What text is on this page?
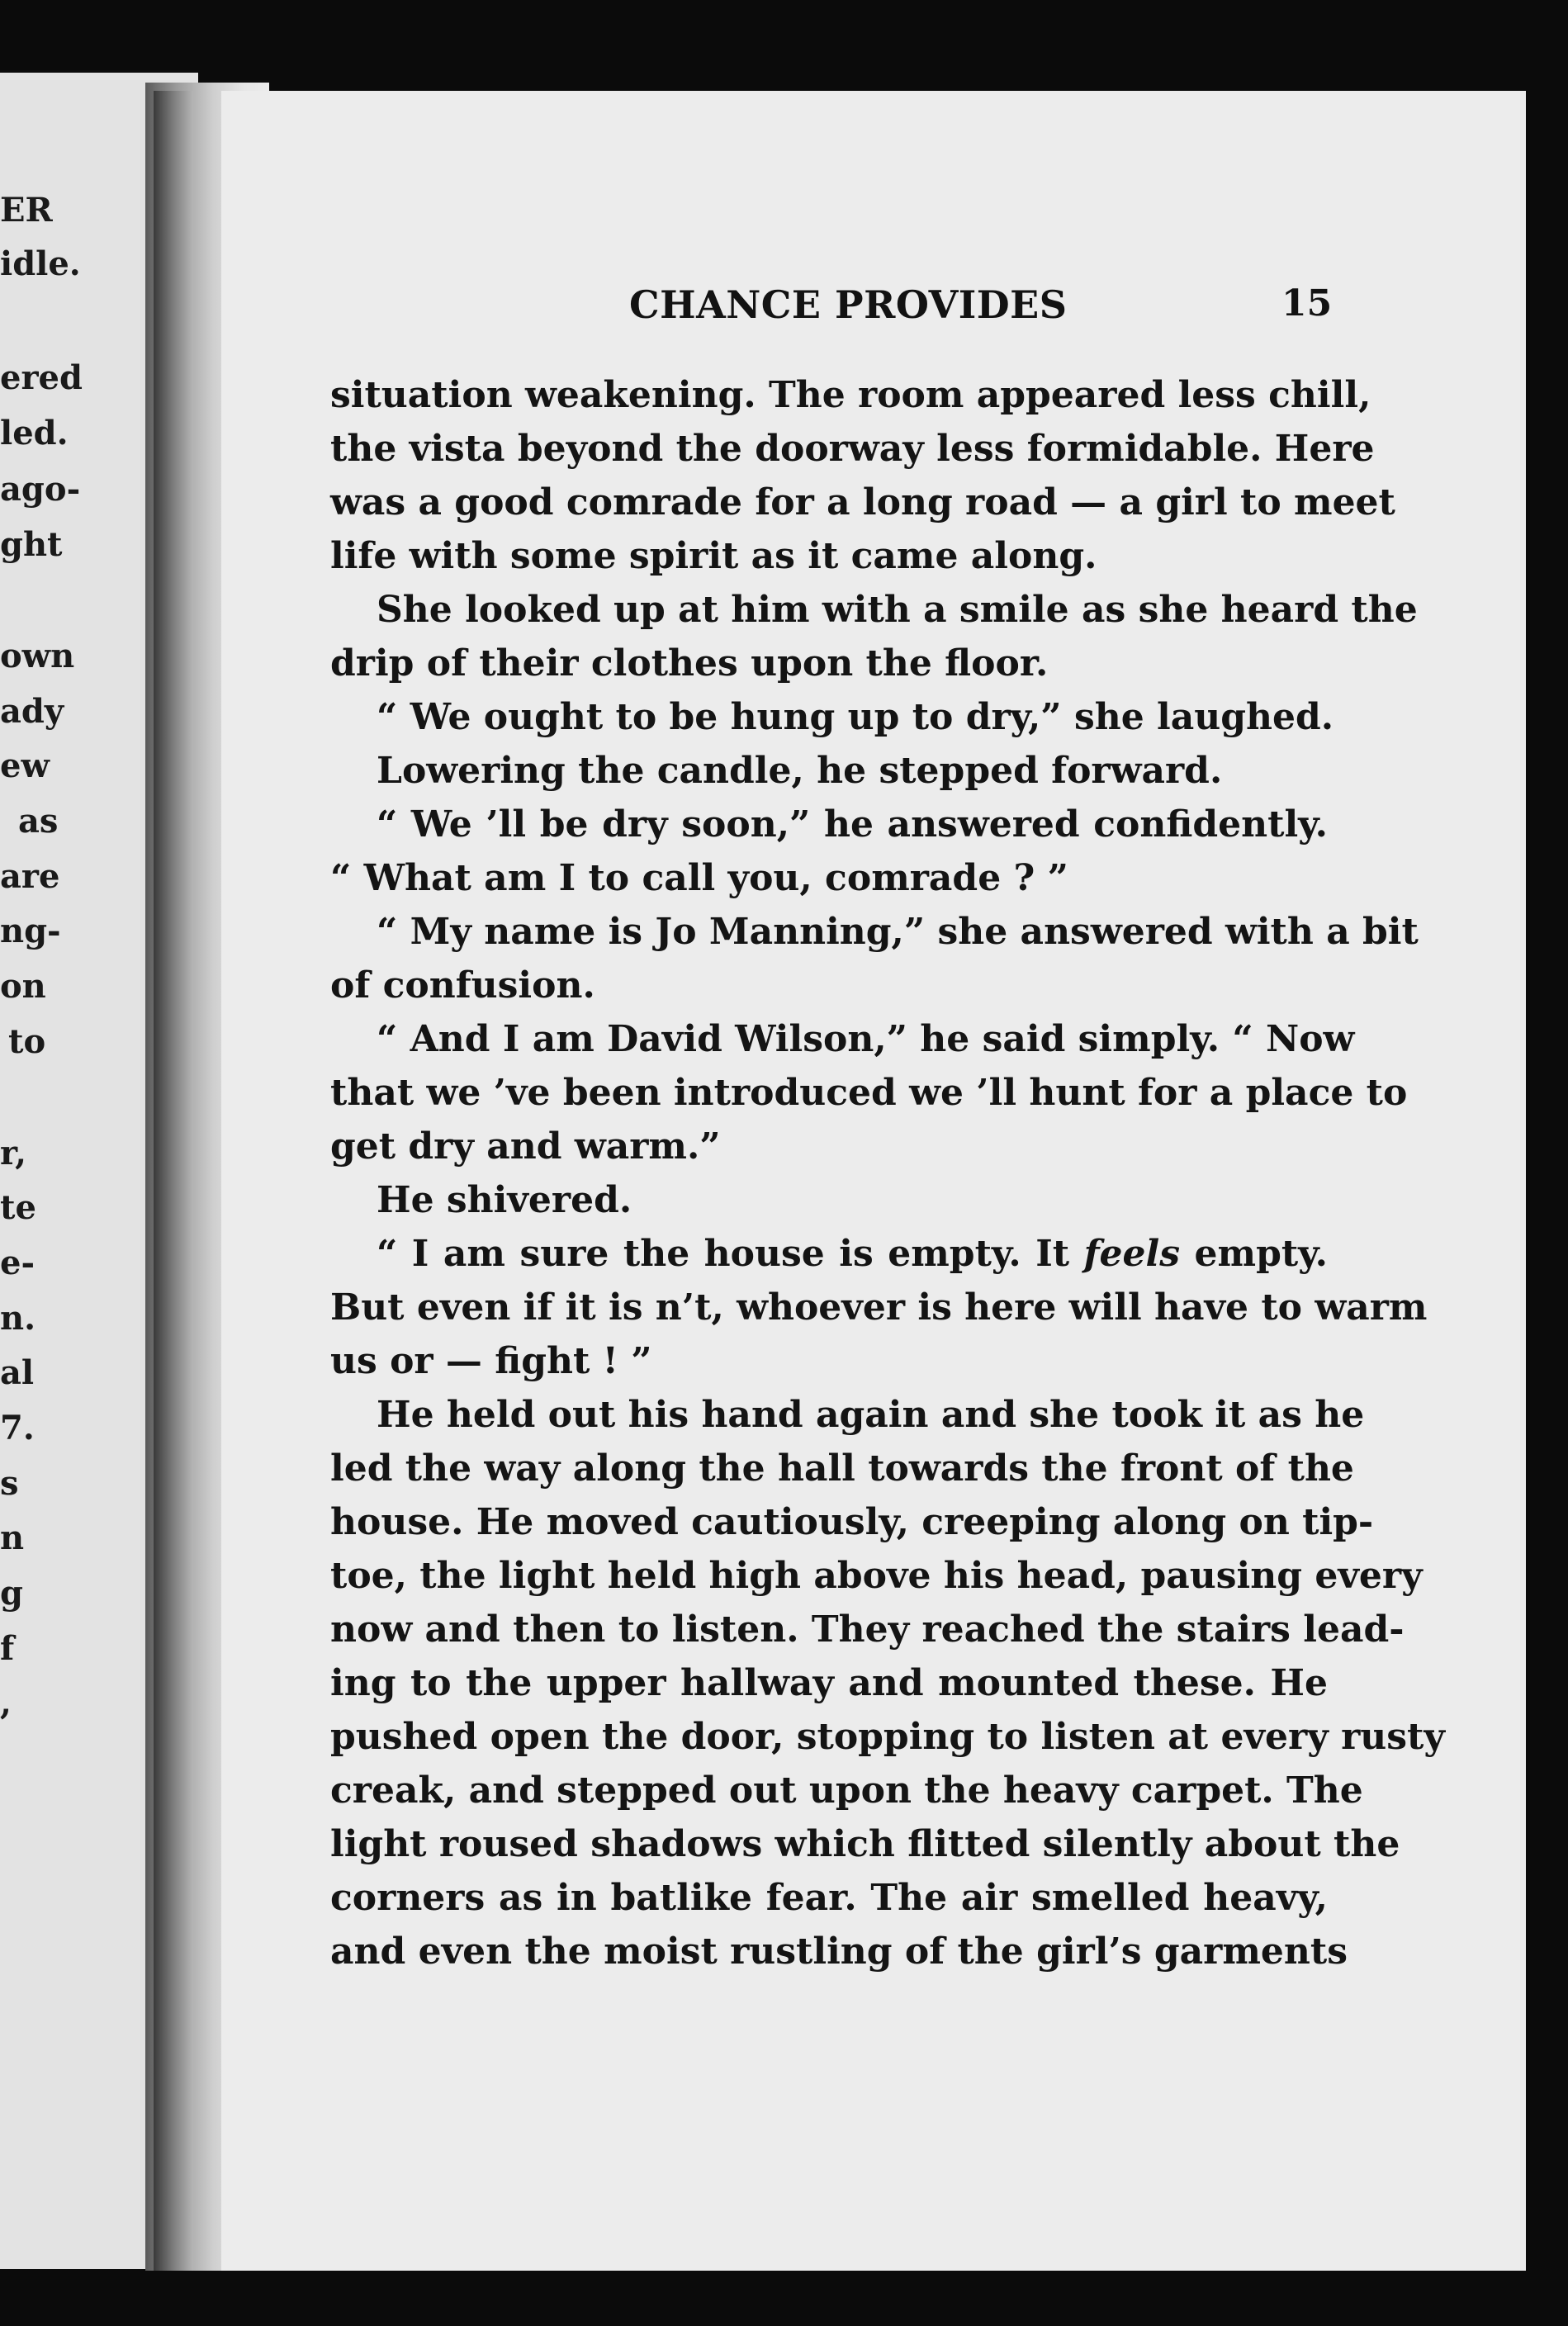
ER
idle.
ered
led.
ago-
ght
own
ady
ew
as
are
ng-
on
to
r,
te
e-
n.
al
7.
s
n
g
f
,
CHANCE PROVIDES	15
situation weakening. The room appeared less chill,
the vista beyond the doorway less formidable. Here
was a good comrade for a long road — a girl to meet
life with some spirit as it came along.
She looked up at him with a smile as she heard the
drip of their clothes upon the floor.
“ We ought to be hung up to dry,” she laughed.
Lowering the candle, he stepped forward.
“ We ’ll be dry soon,” he answered confidently.
“ What am I to call you, comrade ? ”
“ My name is Jo Manning,” she answered with a bit
of confusion.
“ And I am David Wilson,” he said simply. “ Now
that we ’ve been introduced we ’ll hunt for a place to
get dry and warm.”
He shivered.
“ I am sure the house is empty. It feels empty.
But even if it is n’t, whoever is here will have to warm
us or — fight ! ”
He held out his hand again and she took it as he
led the way along the hall towards the front of the
house. He moved cautiously, creeping along on tip-
toe, the light held high above his head, pausing every
now and then to listen. They reached the stairs lead-
ing to the upper hallway and mounted these. He
pushed open the door, stopping to listen at every rusty
creak, and stepped out upon the heavy carpet. The
light roused shadows which flitted silently about the
corners as in batlike fear. The air smelled heavy,
and even the moist rustling of the girl’s garments
